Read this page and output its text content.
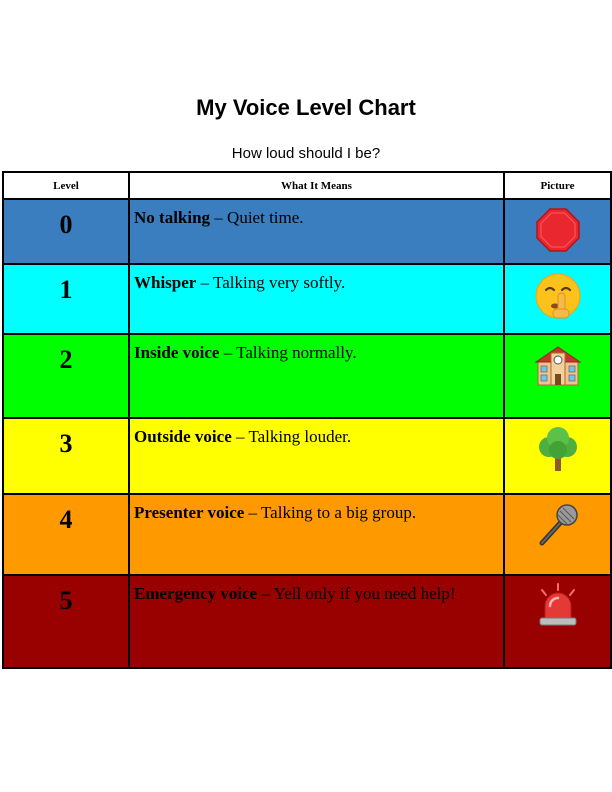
My Voice Level Chart
How loud should I be?
Level	What It Means	Picture
0	No talking – Quiet time.	

1	Whisper – Talking very softly.	

2	Inside voice – Talking normally.	

3	Outside voice – Talking louder.	

4	Presenter voice – Talking to a big group.	

5	Emergency voice – Yell only if you need help!	
